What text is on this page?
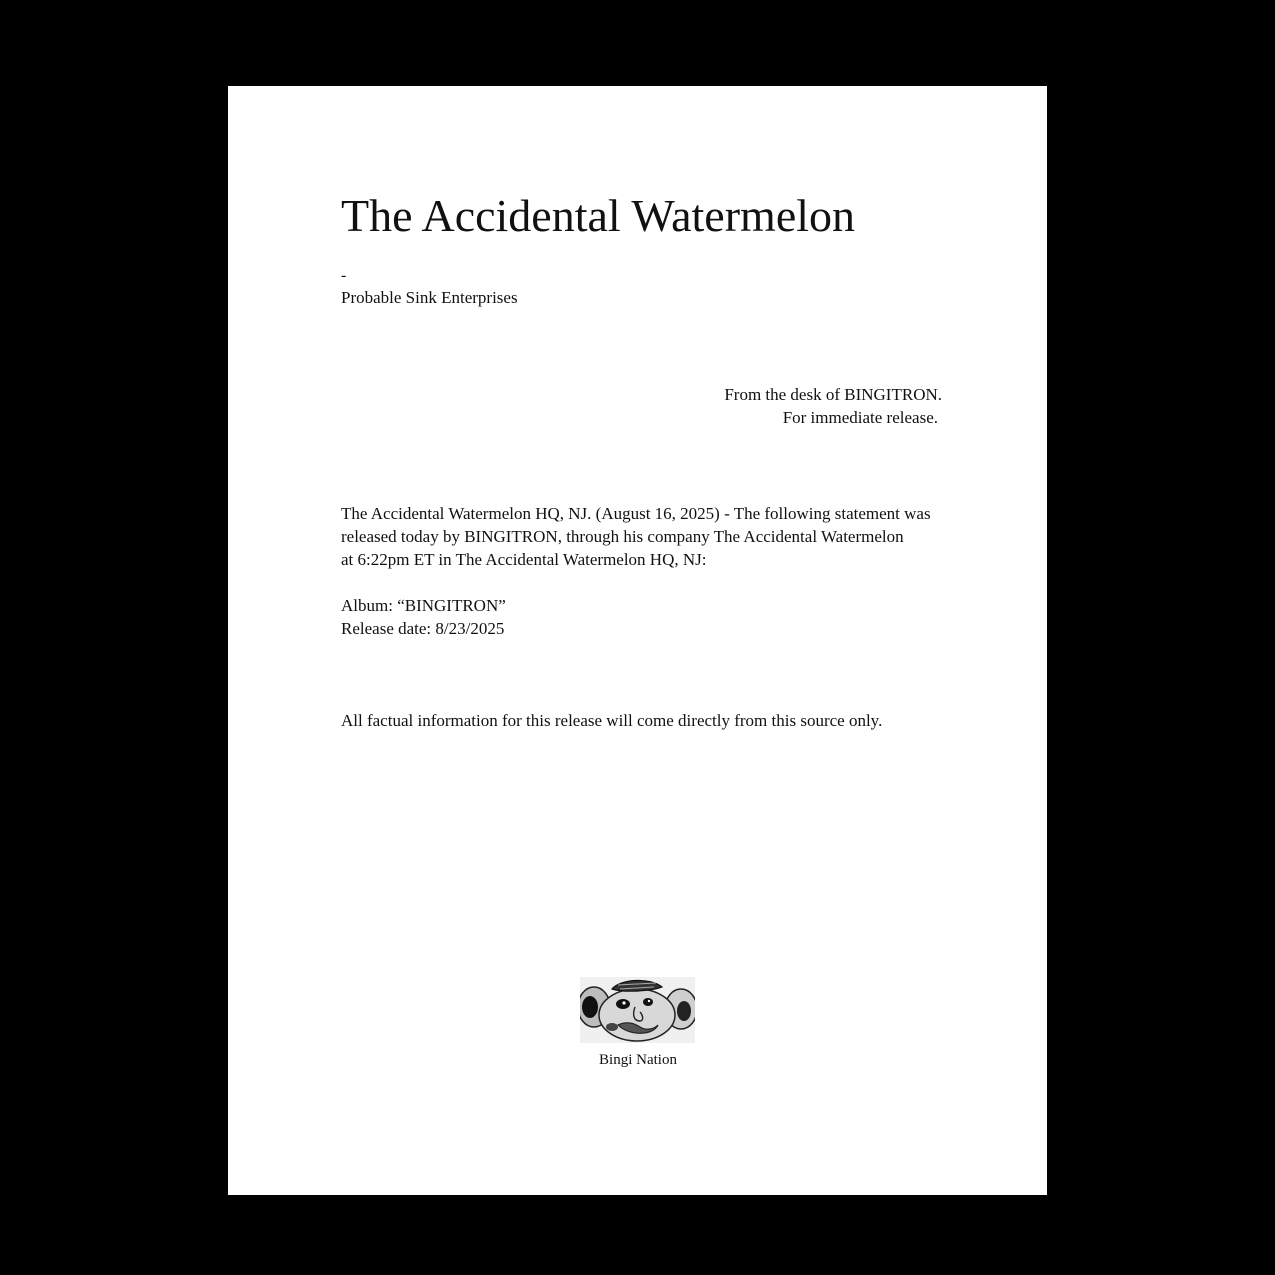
The Accidental Watermelon
-
Probable Sink Enterprises
From the desk of BINGITRON.
For immediate release.
The Accidental Watermelon HQ, NJ. (August 16, 2025) - The following statement was
released today by BINGITRON, through his company The Accidental Watermelon
at 6:22pm ET in The Accidental Watermelon HQ, NJ:
Album: “BINGITRON”
Release date: 8/23/2025
All factual information for this release will come directly from this source only.
Bingi Nation
